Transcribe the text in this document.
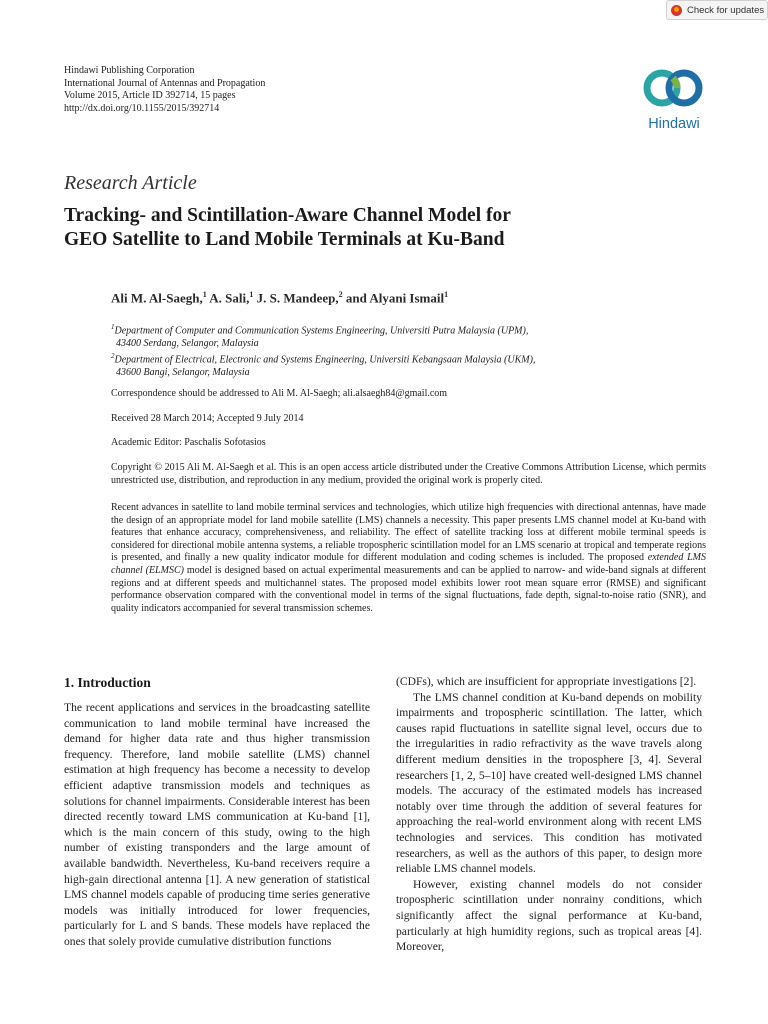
Check for updates
Hindawi Publishing Corporation
International Journal of Antennas and Propagation
Volume 2015, Article ID 392714, 15 pages
http://dx.doi.org/10.1155/2015/392714
Hindawi
Research Article
Tracking- and Scintillation-Aware Channel Model for
GEO Satellite to Land Mobile Terminals at Ku-Band
Ali M. Al-Saegh,$^1$ A. Sali,$^1$ J. S. Mandeep,$^2$ and Alyani Ismail$^1$
$^1$Department of Computer and Communication Systems Engineering, Universiti Putra Malaysia (UPM),
43400 Serdang, Selangor, Malaysia
$^2$Department of Electrical, Electronic and Systems Engineering, Universiti Kebangsaan Malaysia (UKM),
43600 Bangi, Selangor, Malaysia
Correspondence should be addressed to Ali M. Al-Saegh; ali.alsaegh84@gmail.com
Received 28 March 2014; Accepted 9 July 2014
Academic Editor: Paschalis Sofotasios
Copyright © 2015 Ali M. Al-Saegh et al. This is an open access article distributed under the Creative Commons Attribution License, which permits unrestricted use, distribution, and reproduction in any medium, provided the original work is properly cited.
Recent advances in satellite to land mobile terminal services and technologies, which utilize high frequencies with directional antennas, have made the design of an appropriate model for land mobile satellite (LMS) channels a necessity. This paper presents LMS channel model at Ku-band with features that enhance accuracy, comprehensiveness, and reliability. The effect of satellite tracking loss at different mobile terminal speeds is considered for directional mobile antenna systems, a reliable tropospheric scintillation model for an LMS scenario at tropical and temperate regions is presented, and finally a new quality indicator module for different modulation and coding schemes is included. The proposed extended LMS channel (ELMSC) model is designed based on actual experimental measurements and can be applied to narrow- and wide-band signals at different regions and at different speeds and multichannel states. The proposed model exhibits lower root mean square error (RMSE) and significant performance observation compared with the conventional model in terms of the signal fluctuations, fade depth, signal-to-noise ratio (SNR), and quality indicators accompanied for several transmission schemes.
1. Introduction

The recent applications and services in the broadcasting satellite communication to land mobile terminal have increased the demand for higher data rate and thus higher transmission frequency. Therefore, land mobile satellite (LMS) channel estimation at high frequency has become a necessity to develop efficient adaptive transmission models and techniques as solutions for channel impairments. Considerable interest has been directed recently toward LMS communication at Ku-band [1], which is the main concern of this study, owing to the high number of existing transponders and the large amount of available bandwidth. Nevertheless, Ku-band receivers require a high-gain directional antenna [1]. A new generation of statistical LMS channel models capable of producing time series generative models was initially introduced for lower frequencies, particularly for L and S bands. These models have replaced the ones that solely provide cumulative distribution functions

(CDFs), which are insufficient for appropriate investigations [2].

The LMS channel condition at Ku-band depends on mobility impairments and tropospheric scintillation. The latter, which causes rapid fluctuations in satellite signal level, occurs due to the irregularities in radio refractivity as the wave travels along different medium densities in the troposphere [3, 4]. Several researchers [1, 2, 5–10] have created well-designed LMS channel models. The accuracy of the estimated models has increased notably over time through the addition of several features for approaching the real-world environment along with recent LMS technologies and services. This condition has motivated researchers, as well as the authors of this paper, to design more reliable LMS channel models.

However, existing channel models do not consider tropospheric scintillation under nonrainy conditions, which significantly affect the signal performance at Ku-band, particularly at high humidity regions, such as tropical areas [4]. Moreover,
